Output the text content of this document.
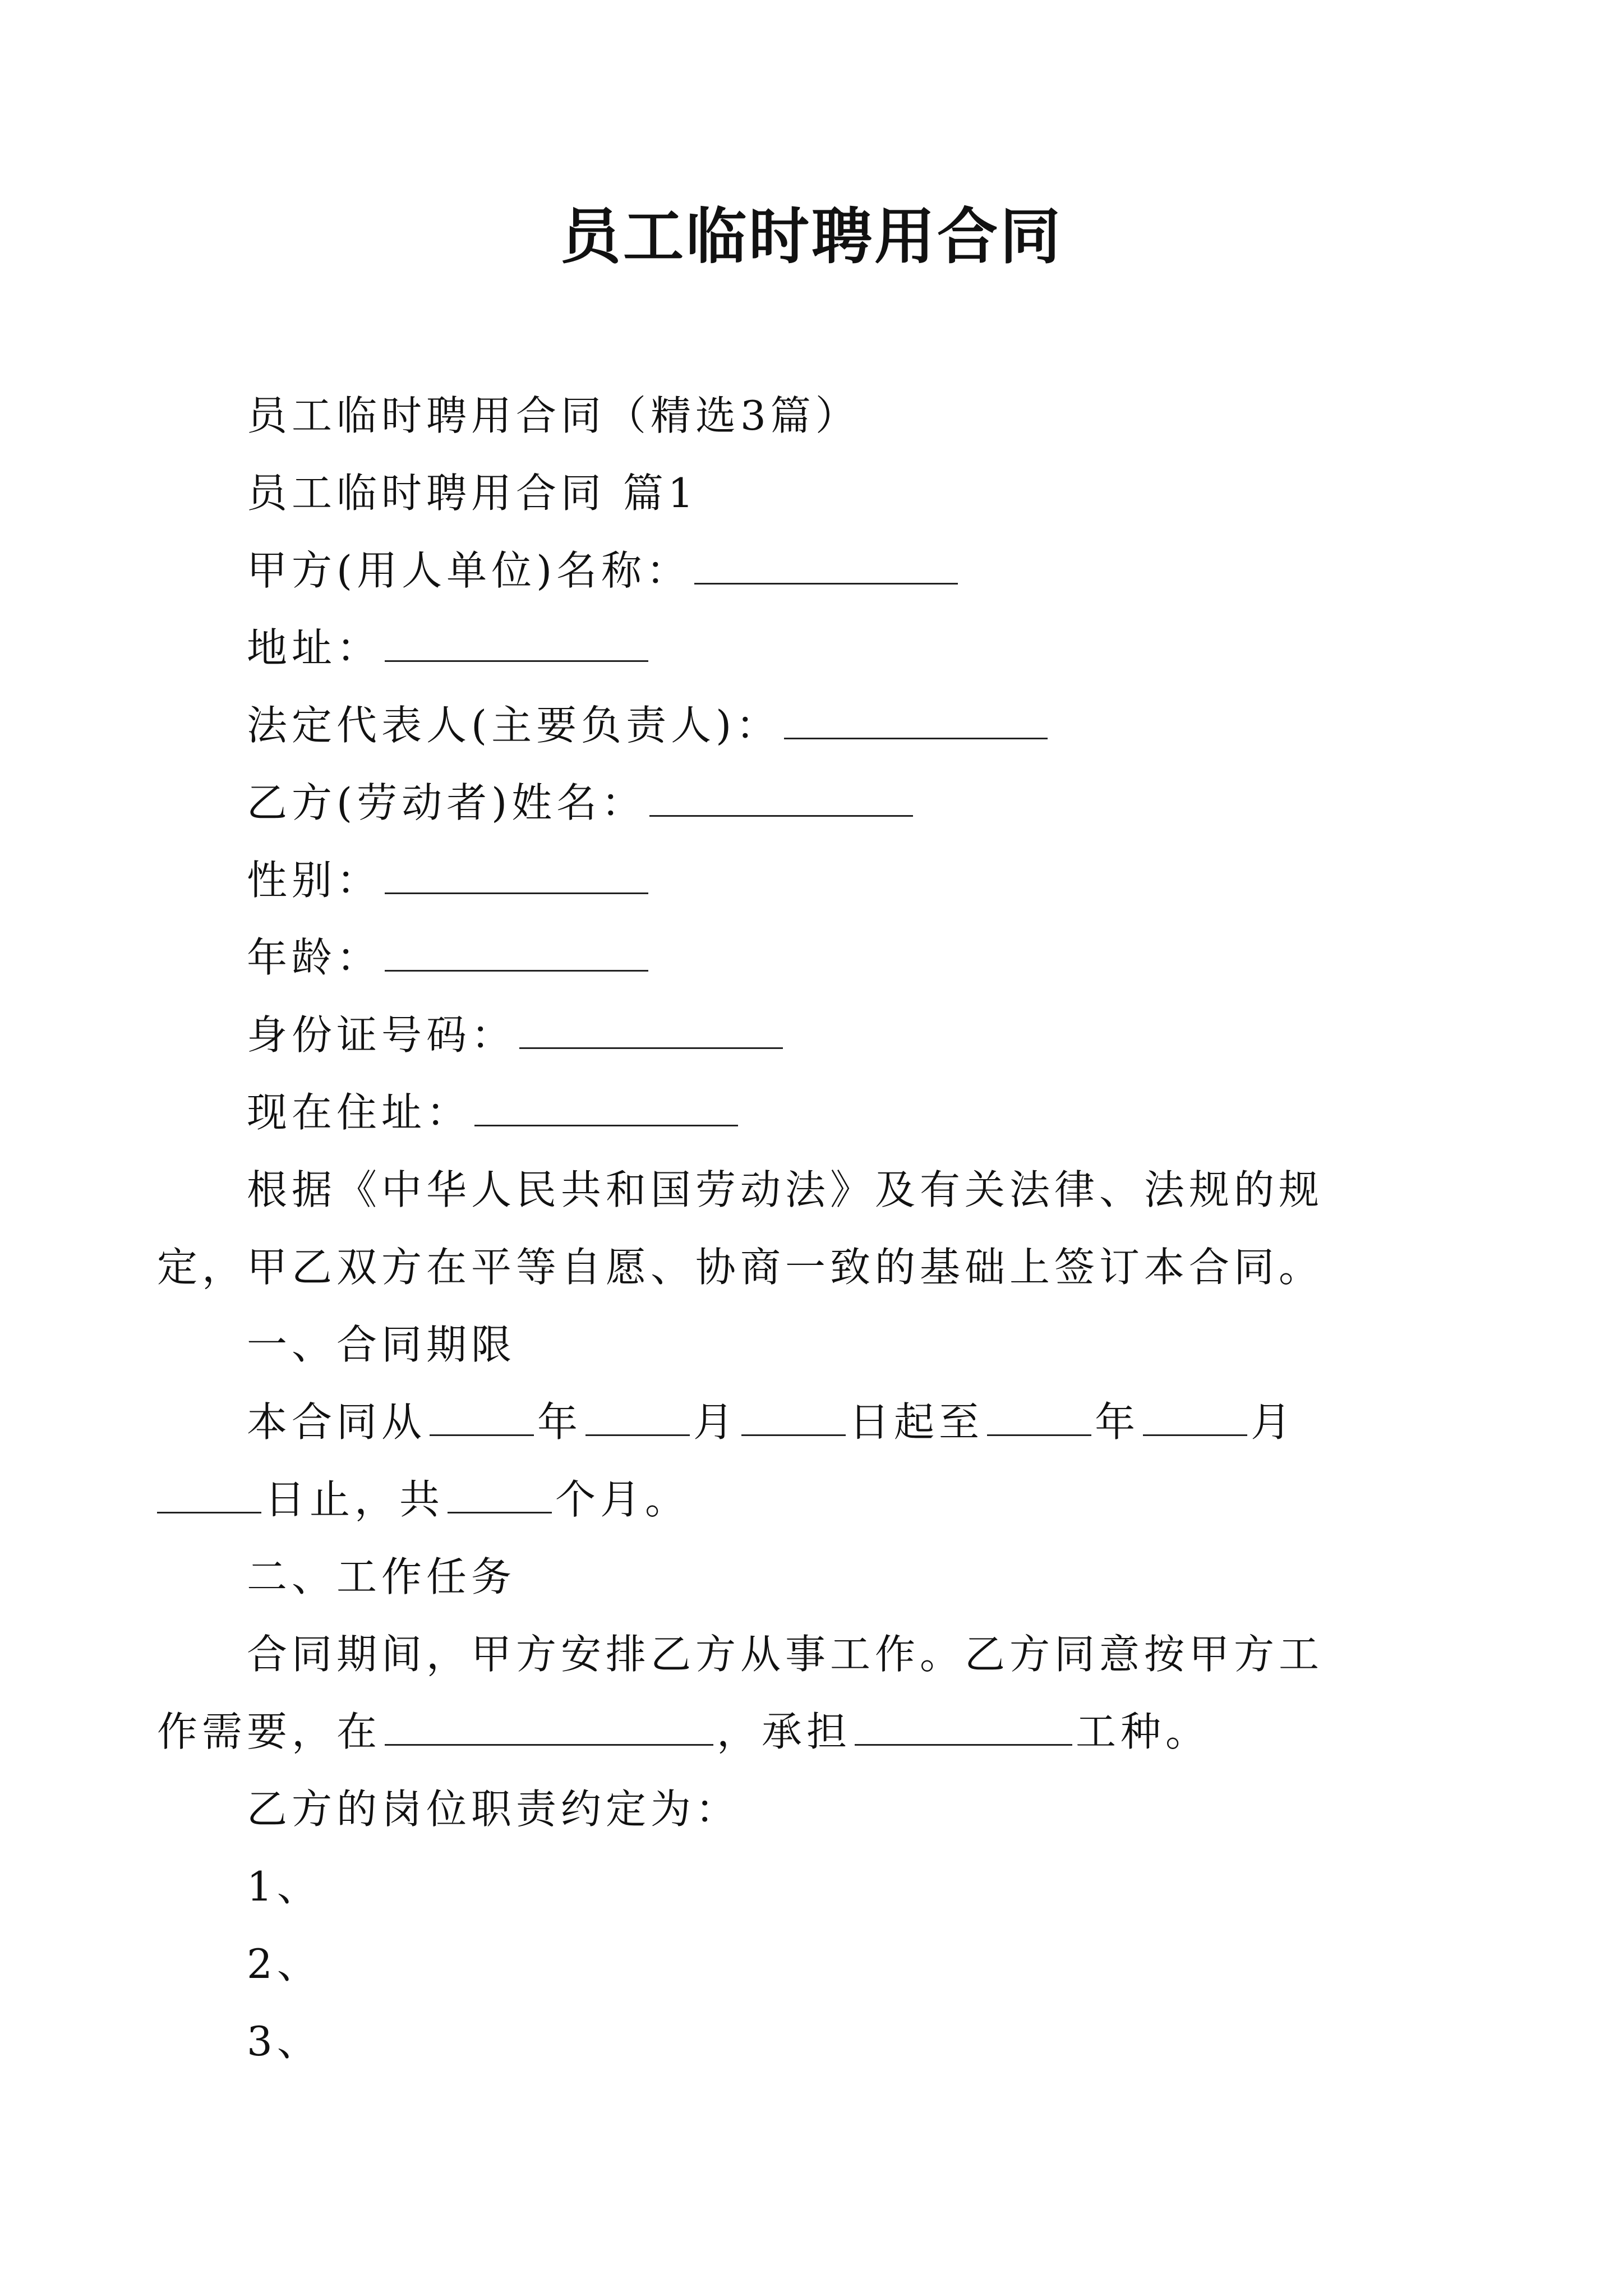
员工临时聘用合同
员工临时聘用合同（精选3篇）
员工临时聘用合同 篇1
甲方(用人单位)名称：
地址：
法定代表人(主要负责人)：
乙方(劳动者)姓名：
性别：
年龄：
身份证号码：
现在住址：
根据《中华人民共和国劳动法》及有关法律、法规的规
定，甲乙双方在平等自愿、协商一致的基础上签订本合同。
一、合同期限
本合同从	年	月	日起至	年	月
日止，共	个月。
二、工作任务
合同期间，甲方安排乙方从事工作。乙方同意按甲方工
作需要，在	，承担	工种。
乙方的岗位职责约定为：
1、
2、
3、
